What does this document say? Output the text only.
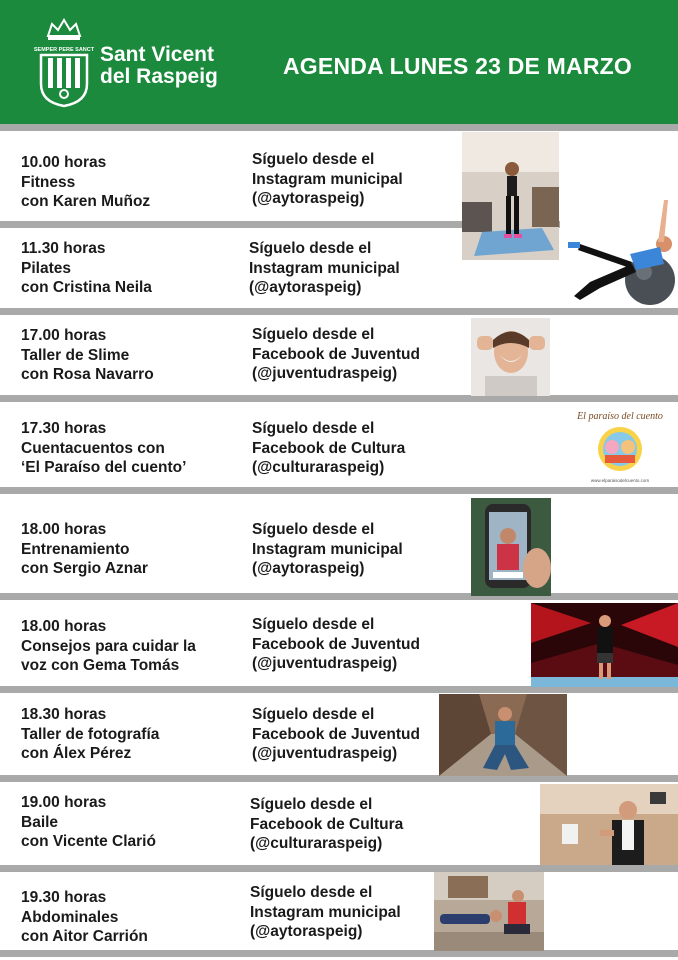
SEMPER PERE SANCT Sant Vicent
del Raspeig	AGENDA LUNES 23 DE MARZO
10.00 horas
Fitness
con Karen Muñoz
Síguelo desde el
Instagram municipal
(@aytoraspeig)
11.30 horas
Pilates
con Cristina Neila
Síguelo desde el
Instagram municipal
(@aytoraspeig)
17.00 horas
Taller de Slime
con Rosa Navarro
Síguelo desde el
Facebook de Juventud
(@juventudraspeig)
17.30 horas
Cuentacuentos con
‘El Paraíso del cuento’
Síguelo desde el
Facebook de Cultura
(@culturaraspeig)
El paraíso del cuento
www.elparaisodelcuento.com
18.00 horas
Entrenamiento
con Sergio Aznar
Síguelo desde el
Instagram municipal
(@aytoraspeig)
18.00 horas
Consejos para cuidar la
voz con Gema Tomás
Síguelo desde el
Facebook de Juventud
(@juventudraspeig)
18.30 horas
Taller de fotografía
con Álex Pérez
Síguelo desde el
Facebook de Juventud
(@juventudraspeig)
19.00 horas
Baile
con Vicente Clarió
Síguelo desde el
Facebook de Cultura
(@culturaraspeig)
19.30 horas
Abdominales
con Aitor Carrión
Síguelo desde el
Instagram municipal
(@aytoraspeig)
